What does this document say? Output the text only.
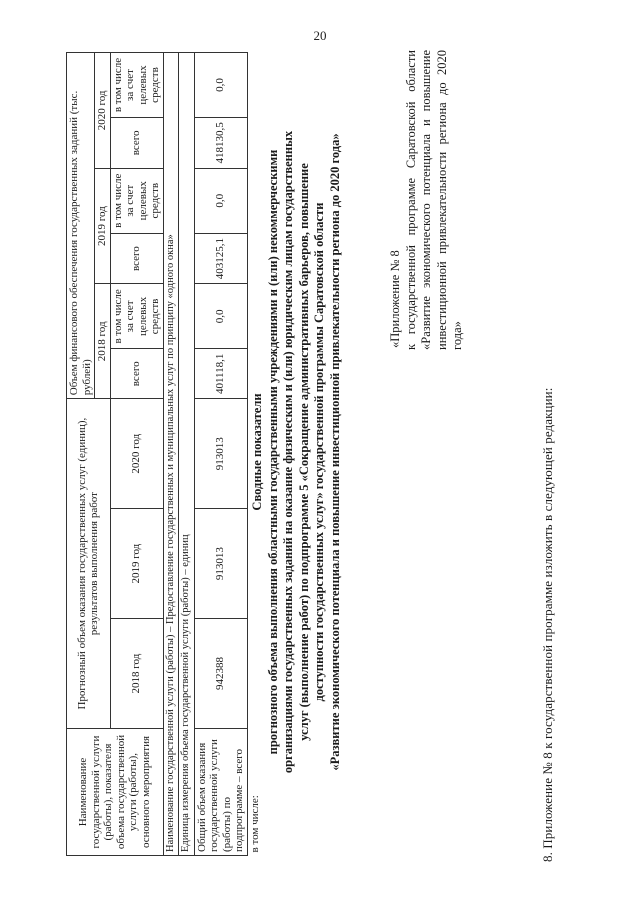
20
8. Приложение № 8 к государственной программе изложить в следующей редакции:
«Приложение № 8 к государственной программе Саратовской области «Развитие экономического потенциала и повышение инвестиционной привлекательности региона до 2020 года»
Сводные показатели прогнозного объема выполнения областными государственными учреждениями и (или) некоммерческими организациями государственных заданий на оказание физическим и (или) юридическим лицам государственных услуг (выполнение работ) по подпрограмме 5 «Сокращение административных барьеров, повышение доступности государственных услуг» государственной программы Саратовской области «Развитие экономического потенциала и повышение инвестиционной привлекательности региона до 2020 года»
Наименование государственной услуги (работы), показателя объема государственной услуги (работы), основного мероприятия	Прогнозный объем оказания государственных услуг (единиц), результатов выполнения работ			Объем финансового обеспечения государственных заданий (тыс. рублей)					
				2018 год		2019 год		2020 год	
	2018 год	2019 год	2020 год	всего	в том числе за счет целевых средств	всего	в том числе за счет целевых средств	всего	в том числе за счет целевых средств
Наименование государственной услуги (работы) – Предоставление государственных и муниципальных услуг по принципу «одного окна»									
Единица измерения объема государственной услуги (работы) – единиц									
Общий объем оказания государственной услуги (работы) по подпрограмме – всего	942388	913013	913013	401118,1	0,0	403125,1	0,0	418130,5	0,0
в том числе:									
